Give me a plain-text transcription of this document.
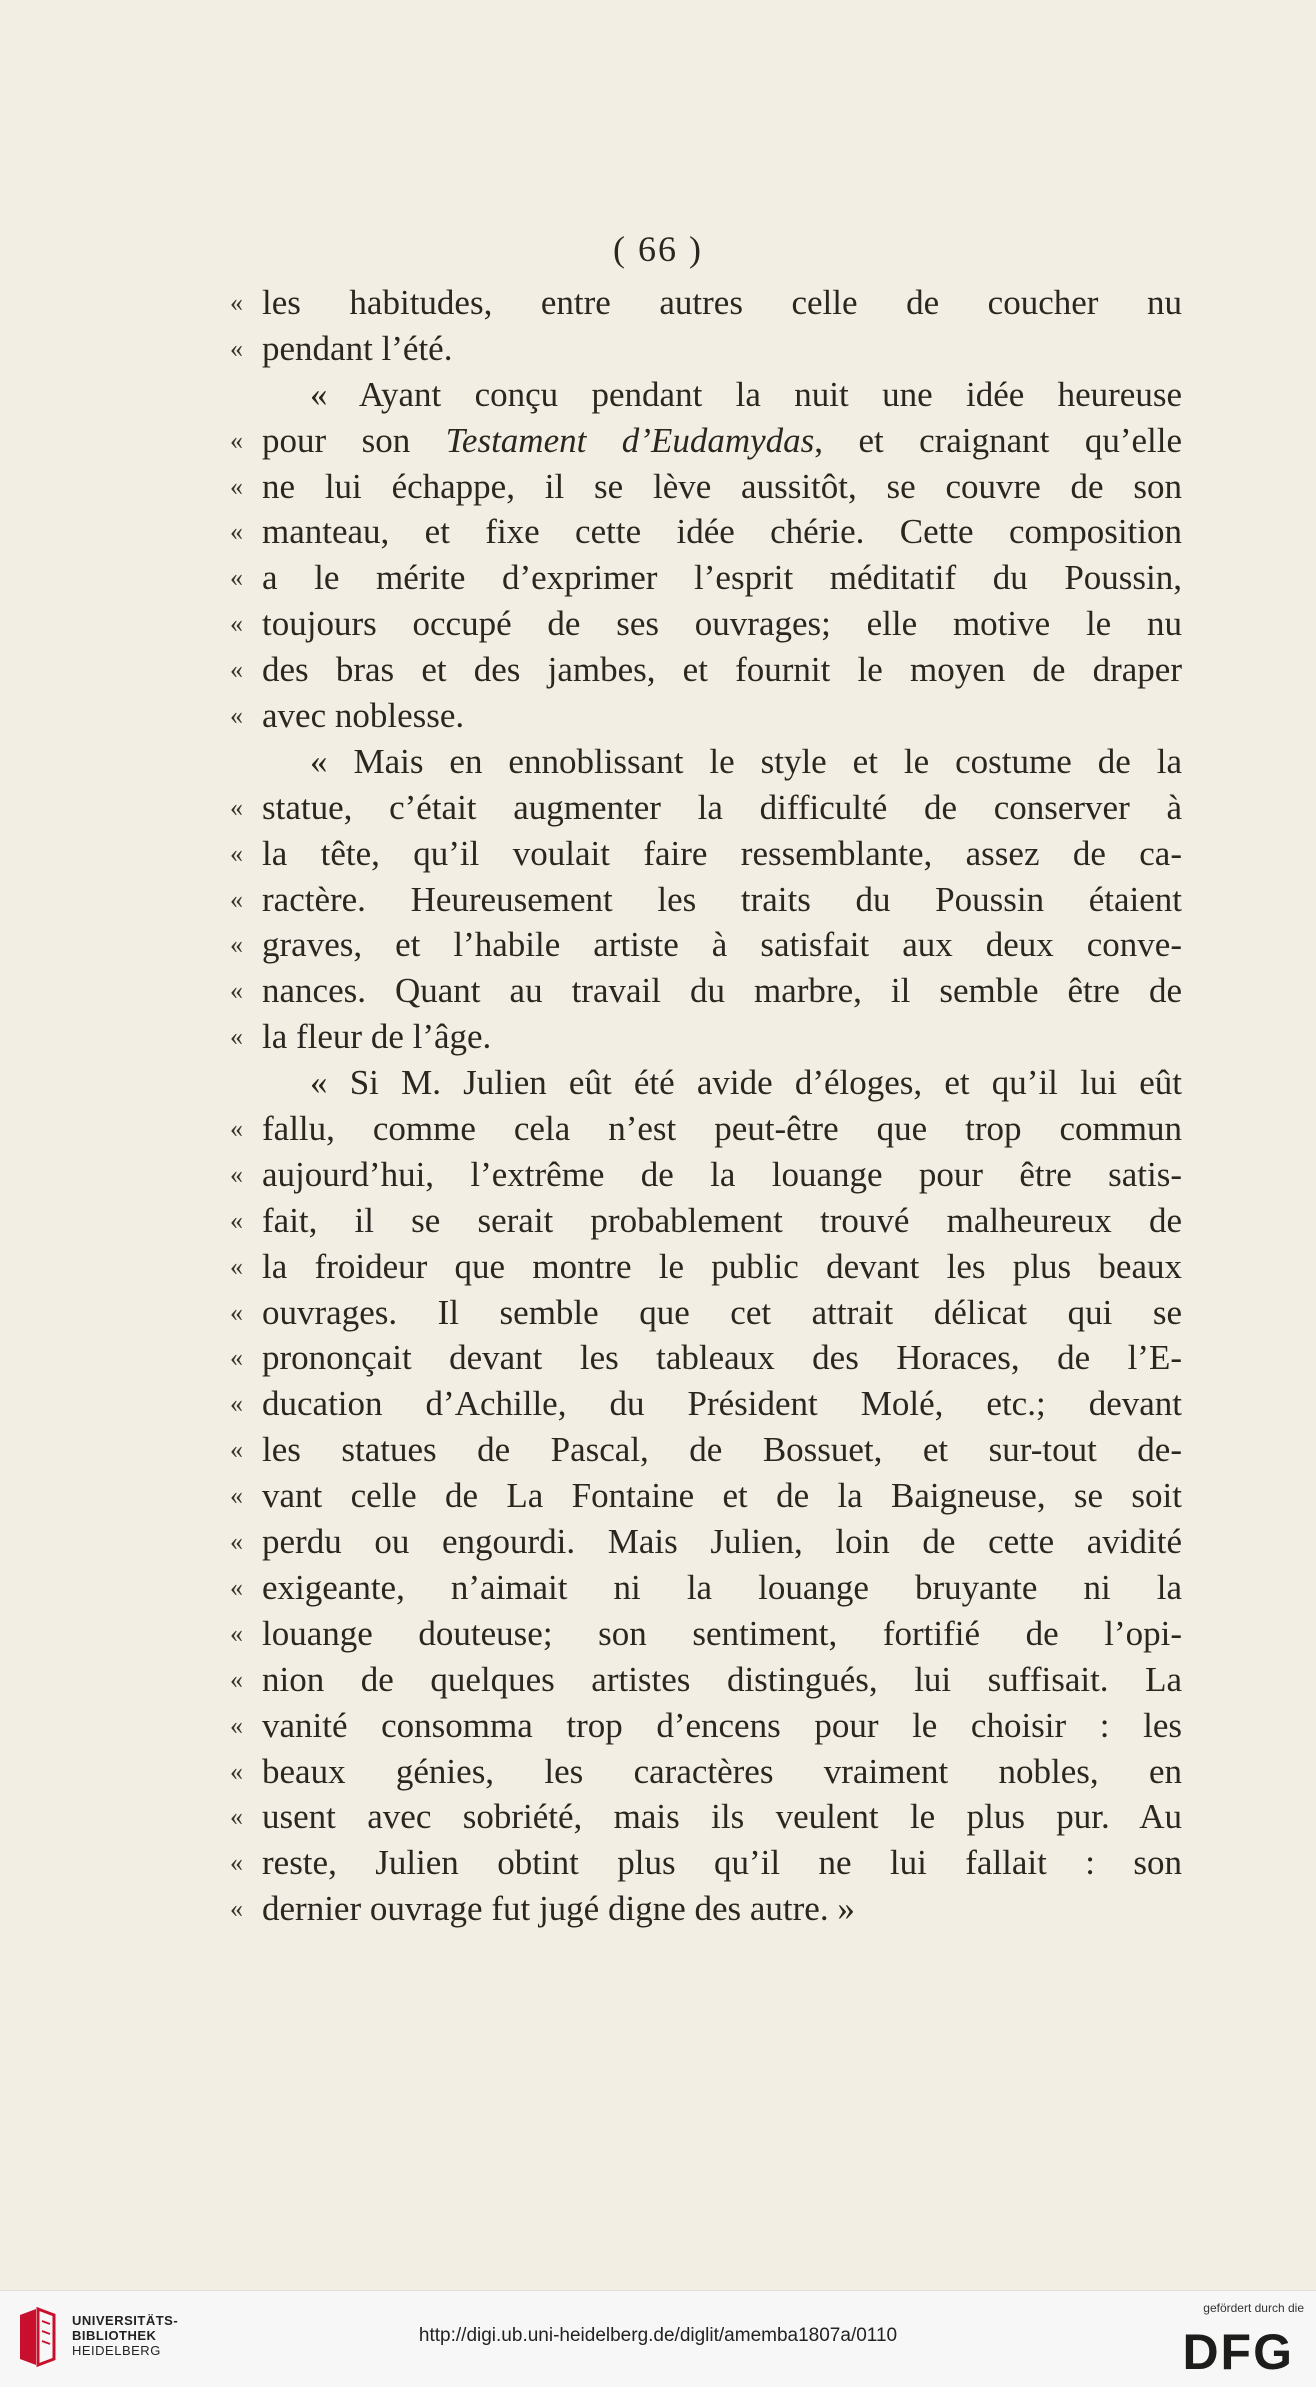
( 66 )
« les habitudes, entre autres celle de coucher nu
« pendant l’été.
« Ayant conçu pendant la nuit une idée heureuse
« pour son Testament d’Eudamydas, et craignant qu’elle
« ne lui échappe, il se lève aussitôt, se couvre de son
« manteau, et fixe cette idée chérie. Cette composition
« a le mérite d’exprimer l’esprit méditatif du Poussin,
« toujours occupé de ses ouvrages; elle motive le nu
« des bras et des jambes, et fournit le moyen de draper
« avec noblesse.
« Mais en ennoblissant le style et le costume de la
« statue, c’était augmenter la difficulté de conserver à
« la tête, qu’il voulait faire ressemblante, assez de ca-
« ractère. Heureusement les traits du Poussin étaient
« graves, et l’habile artiste à satisfait aux deux conve-
« nances. Quant au travail du marbre, il semble être de
« la fleur de l’âge.
« Si M. Julien eût été avide d’éloges, et qu’il lui eût
« fallu, comme cela n’est peut-être que trop commun
« aujourd’hui, l’extrême de la louange pour être satis-
« fait, il se serait probablement trouvé malheureux de
« la froideur que montre le public devant les plus beaux
« ouvrages. Il semble que cet attrait délicat qui se
« prononçait devant les tableaux des Horaces, de l’E-
« ducation d’Achille, du Président Molé, etc.; devant
« les statues de Pascal, de Bossuet, et sur-tout de-
« vant celle de La Fontaine et de la Baigneuse, se soit
« perdu ou engourdi. Mais Julien, loin de cette avidité
« exigeante, n’aimait ni la louange bruyante ni la
« louange douteuse; son sentiment, fortifié de l’opi-
« nion de quelques artistes distingués, lui suffisait. La
« vanité consomma trop d’encens pour le choisir : les
« beaux génies, les caractères vraiment nobles, en
« usent avec sobriété, mais ils veulent le plus pur. Au
« reste, Julien obtint plus qu’il ne lui fallait : son
« dernier ouvrage fut jugé digne des autre. »
UNIVERSITÄTS-
BIBLIOTHEK
HEIDELBERG
http://digi.ub.uni-heidelberg.de/diglit/amemba1807a/0110
gefördert durch die
DFG
